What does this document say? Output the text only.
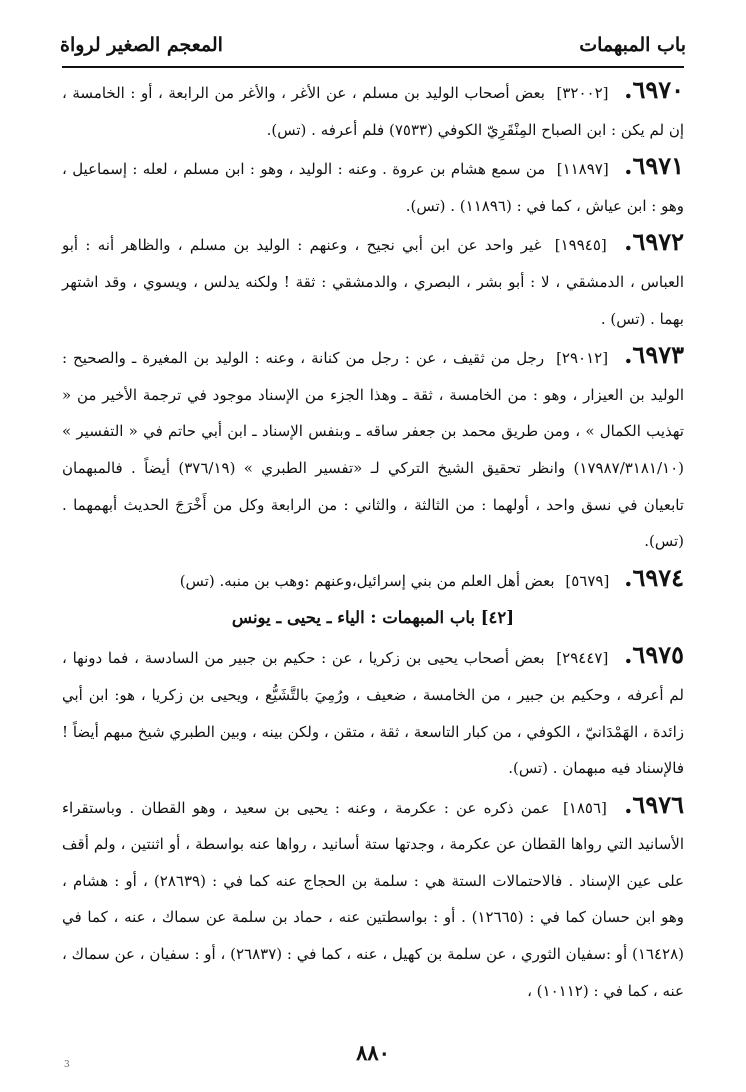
باب المبهمات
المعجم الصغير لرواة

٦٩٧٠. [٣٢٠٠٢] بعض أصحاب الوليد بن مسلم ، عن الأغر ، والأغر من الرابعة ، أو : الخامسة ، إن لم يكن : ابن الصباح المِنْقَرِيّ الكوفي (٧٥٣٣) فلم أعرفه . (تس).

٦٩٧١. [١١٨٩٧] من سمع هشام بن عروة . وعنه : الوليد ، وهو : ابن مسلم ، لعله : إسماعيل ، وهو : ابن عياش ، كما في : (١١٨٩٦) . (تس).

٦٩٧٢. [١٩٩٤٥] غير واحد عن ابن أبي نجيح ، وعنهم : الوليد بن مسلم ، والظاهر أنه : أبو العباس ، الدمشقي ، لا : أبو بشر ، البصري ، والدمشقي : ثقة ! ولكنه يدلس ، ويسوي ، وقد اشتهر بهما . (تس) .

٦٩٧٣. [٢٩٠١٢] رجل من ثقيف ، عن : رجل من كنانة ، وعنه : الوليد بن المغيرة ـ والصحيح : الوليد بن العيزار ، وهو : من الخامسة ، ثقة ـ وهذا الجزء من الإسناد موجود في ترجمة الأخير من « تهذيب الكمال » ، ومن طريق محمد بن جعفر ساقه ـ وبنفس الإسناد ـ ابن أبي حاتم في « التفسير » (١٧٩٨٧/٣١٨١/١٠) وانظر تحقيق الشيخ التركي لـ «تفسير الطبري » (٣٧٦/١٩) أيضاً . فالمبهمان تابعيان في نسق واحد ، أولهما : من الثالثة ، والثاني : من الرابعة وكل من أَخْرَجَ الحديث أبهمهما . (تس).

٦٩٧٤. [٥٦٧٩] بعض أهل العلم من بني إسرائيل،وعنهم :وهب بن منبه. (تس)

[٤٢] باب المبهمات : الياء ـ يحيى ـ يونس

٦٩٧٥. [٢٩٤٤٧] بعض أصحاب يحيى بن زكريا ، عن : حكيم بن جبير من السادسة ، فما دونها ، لم أعرفه ، وحكيم بن جبير ، من الخامسة ، ضعيف ، ورُمِيَ بالتَّشَيُّع ، ويحيى بن زكريا ، هو: ابن أبي زائدة ، الهَمْدَانيّ ، الكوفي ، من كبار التاسعة ، ثقة ، متقن ، ولكن بينه ، وبين الطبري شيخ مبهم أيضاً ! فالإسناد فيه مبهمان . (تس).

٦٩٧٦. [١٨٥٦] عمن ذكره عن : عكرمة ، وعنه : يحيى بن سعيد ، وهو القطان . وباستقراء الأسانيد التي رواها القطان عن عكرمة ، وجدتها ستة أسانيد ، رواها عنه بواسطة ، أو اثنتين ، ولم أقف على عين الإسناد . فالاحتمالات الستة هي : سلمة بن الحجاج عنه كما في : (٢٨٦٣٩) ، أو : هشام ، وهو ابن حسان كما في : (١٢٦٦٥) . أو : بواسطتين عنه ، حماد بن سلمة عن سماك ، عنه ، كما في (١٦٤٢٨) أو :سفيان الثوري ، عن سلمة بن كهيل ، عنه ، كما في : (٢٦٨٣٧) ، أو : سفيان ، عن سماك ، عنه ، كما في : (١٠١١٢) ،

٨٨٠
3
